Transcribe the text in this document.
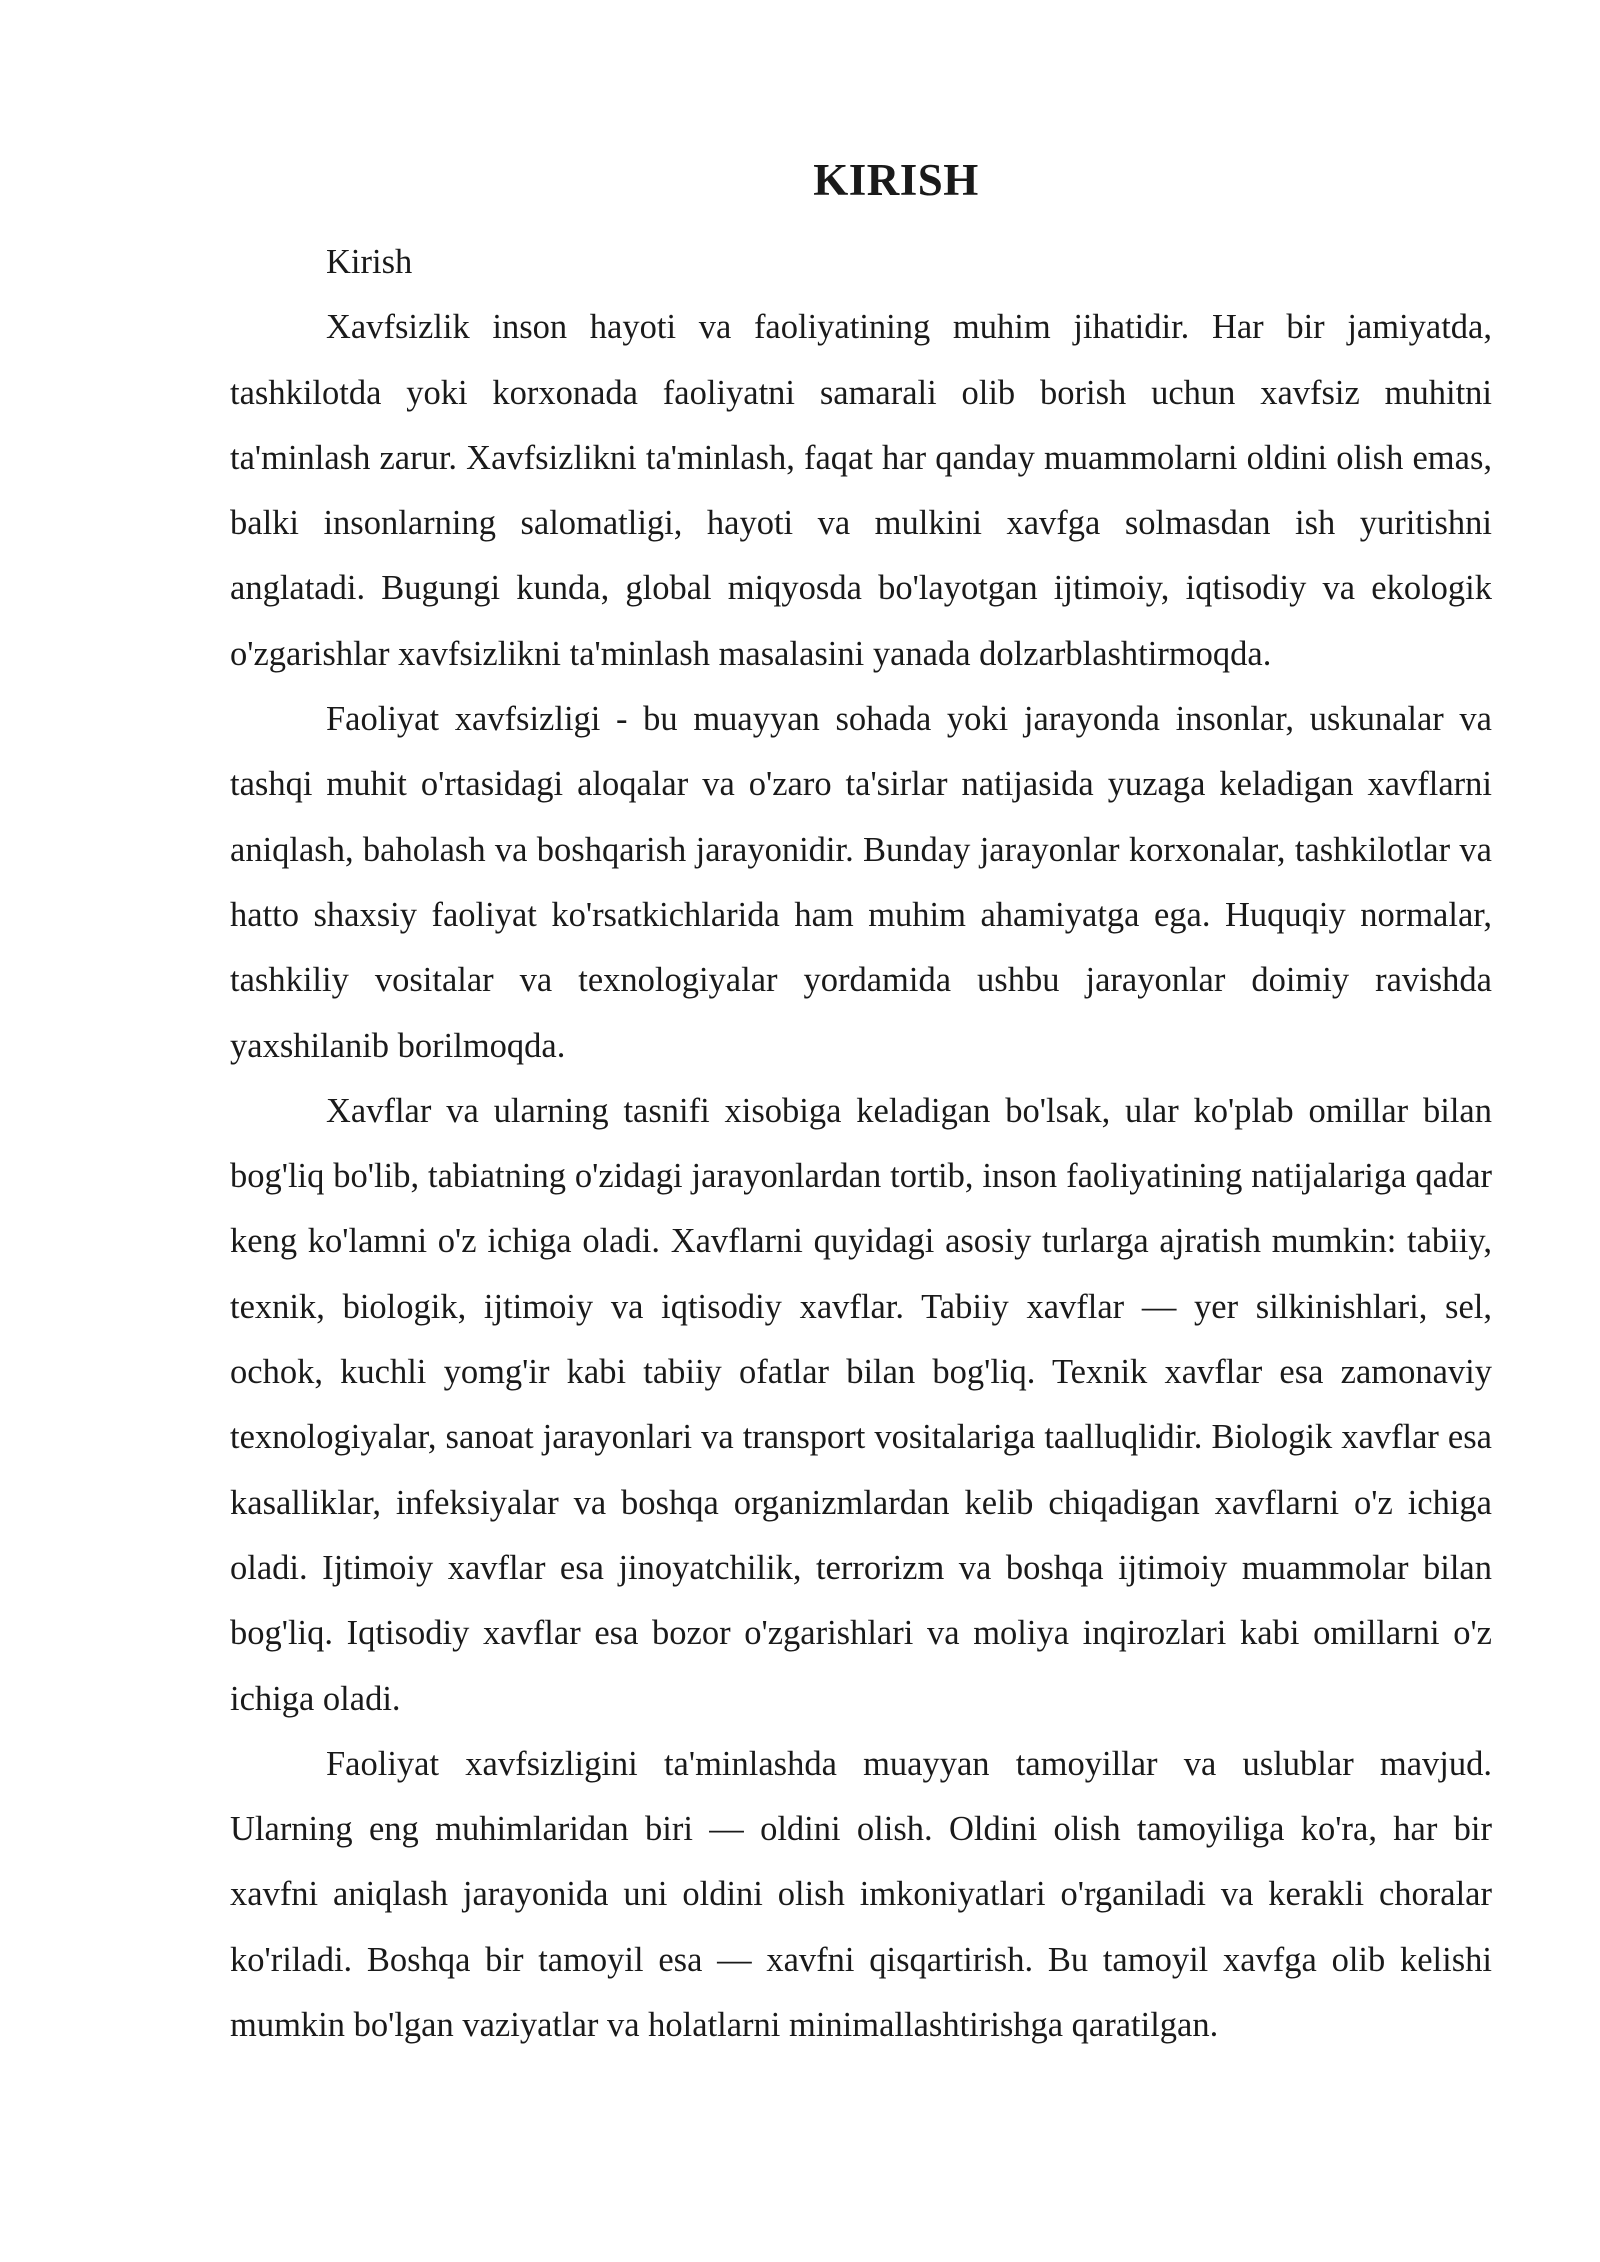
KIRISH

Kirish

Xavfsizlik inson hayoti va faoliyatining muhim jihatidir. Har bir jamiyatda, tashkilotda yoki korxonada faoliyatni samarali olib borish uchun xavfsiz muhitni ta'minlash zarur. Xavfsizlikni ta'minlash, faqat har qanday muammolarni oldini olish emas, balki insonlarning salomatligi, hayoti va mulkini xavfga solmasdan ish yuritishni anglatadi. Bugungi kunda, global miqyosda bo'layotgan ijtimoiy, iqtisodiy va ekologik o'zgarishlar xavfsizlikni ta'minlash masalasini yanada dolzarblashtirmoqda.

Faoliyat xavfsizligi - bu muayyan sohada yoki jarayonda insonlar, uskunalar va tashqi muhit o'rtasidagi aloqalar va o'zaro ta'sirlar natijasida yuzaga keladigan xavflarni aniqlash, baholash va boshqarish jarayonidir. Bunday jarayonlar korxonalar, tashkilotlar va hatto shaxsiy faoliyat ko'rsatkichlarida ham muhim ahamiyatga ega. Huquqiy normalar, tashkiliy vositalar va texnologiyalar yordamida ushbu jarayonlar doimiy ravishda yaxshilanib borilmoqda.

Xavflar va ularning tasnifi xisobiga keladigan bo'lsak, ular ko'plab omillar bilan bog'liq bo'lib, tabiatning o'zidagi jarayonlardan tortib, inson faoliyatining natijalariga qadar keng ko'lamni o'z ichiga oladi. Xavflarni quyidagi asosiy turlarga ajratish mumkin: tabiiy, texnik, biologik, ijtimoiy va iqtisodiy xavflar. Tabiiy xavflar — yer silkinishlari, sel, ochok, kuchli yomg'ir kabi tabiiy ofatlar bilan bog'liq. Texnik xavflar esa zamonaviy texnologiyalar, sanoat jarayonlari va transport vositalariga taalluqlidir. Biologik xavflar esa kasalliklar, infeksiyalar va boshqa organizmlardan kelib chiqadigan xavflarni o'z ichiga oladi. Ijtimoiy xavflar esa jinoyatchilik, terrorizm va boshqa ijtimoiy muammolar bilan bog'liq. Iqtisodiy xavflar esa bozor o'zgarishlari va moliya inqirozlari kabi omillarni o'z ichiga oladi.

Faoliyat xavfsizligini ta'minlashda muayyan tamoyillar va uslublar mavjud. Ularning eng muhimlaridan biri — oldini olish. Oldini olish tamoyiliga ko'ra, har bir xavfni aniqlash jarayonida uni oldini olish imkoniyatlari o'rganiladi va kerakli choralar ko'riladi. Boshqa bir tamoyil esa — xavfni qisqartirish. Bu tamoyil xavfga olib kelishi mumkin bo'lgan vaziyatlar va holatlarni minimallashtirishga qaratilgan.
